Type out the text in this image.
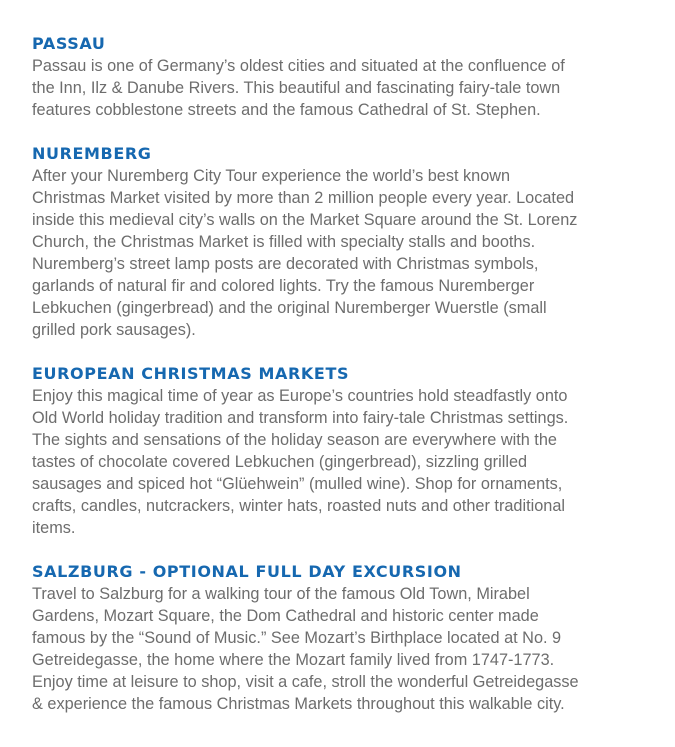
PASSAU

Passau is one of Germany’s oldest cities and situated at the confluence of
the Inn, Ilz & Danube Rivers. This beautiful and fascinating fairy-tale town
features cobblestone streets and the famous Cathedral of St. Stephen.

NUREMBERG

After your Nuremberg City Tour experience the world’s best known
Christmas Market visited by more than 2 million people every year. Located
inside this medieval city’s walls on the Market Square around the St. Lorenz
Church, the Christmas Market is filled with specialty stalls and booths.
Nuremberg’s street lamp posts are decorated with Christmas symbols,
garlands of natural fir and colored lights. Try the famous Nuremberger
Lebkuchen (gingerbread) and the original Nuremberger Wuerstle (small
grilled pork sausages).

EUROPEAN CHRISTMAS MARKETS

Enjoy this magical time of year as Europe’s countries hold steadfastly onto
Old World holiday tradition and transform into fairy-tale Christmas settings.
The sights and sensations of the holiday season are everywhere with the
tastes of chocolate covered Lebkuchen (gingerbread), sizzling grilled
sausages and spiced hot “Glüehwein” (mulled wine). Shop for ornaments,
crafts, candles, nutcrackers, winter hats, roasted nuts and other traditional
items.

SALZBURG - OPTIONAL FULL DAY EXCURSION

Travel to Salzburg for a walking tour of the famous Old Town, Mirabel
Gardens, Mozart Square, the Dom Cathedral and historic center made
famous by the “Sound of Music.” See Mozart’s Birthplace located at No. 9
Getreidegasse, the home where the Mozart family lived from 1747-1773.
Enjoy time at leisure to shop, visit a cafe, stroll the wonderful Getreidegasse
& experience the famous Christmas Markets throughout this walkable city.
